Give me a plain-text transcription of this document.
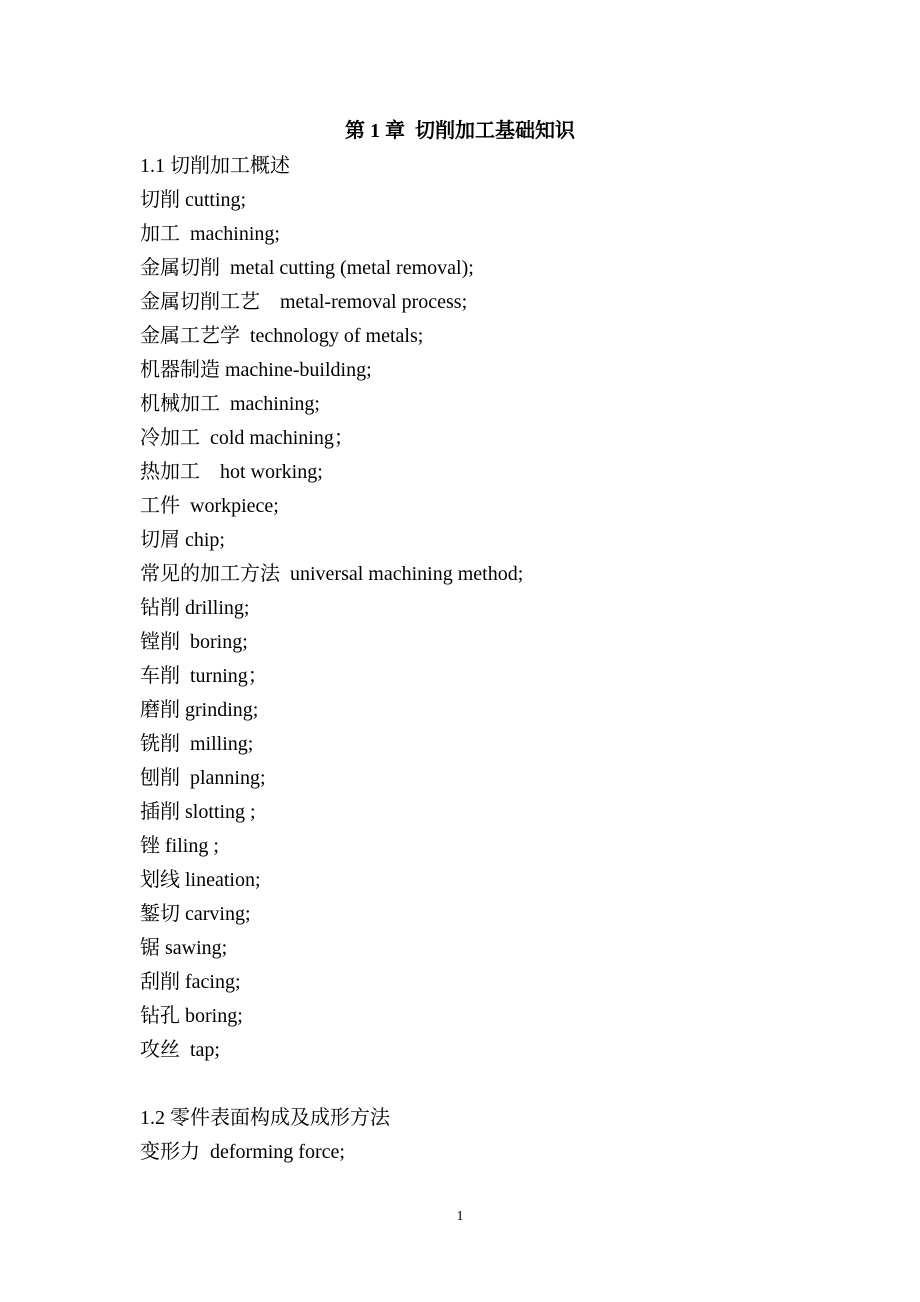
第 1 章  切削加工基础知识
1.1 切削加工概述
切削 cutting;
加工  machining;
金属切削  metal cutting (metal removal);
金属切削工艺    metal-removal process;
金属工艺学  technology of metals;
机器制造 machine-building;
机械加工  machining;
冷加工  cold machining；
热加工    hot working;
工件  workpiece;
切屑 chip;
常见的加工方法  universal machining method;
钻削 drilling;
镗削  boring;
车削  turning；
磨削 grinding;
铣削  milling;
刨削  planning;
插削 slotting ;
锉 filing ;
划线 lineation;
錾切 carving;
锯 sawing;
刮削 facing;
钻孔 boring;
攻丝  tap;
1.2 零件表面构成及成形方法
变形力  deforming force;
1
